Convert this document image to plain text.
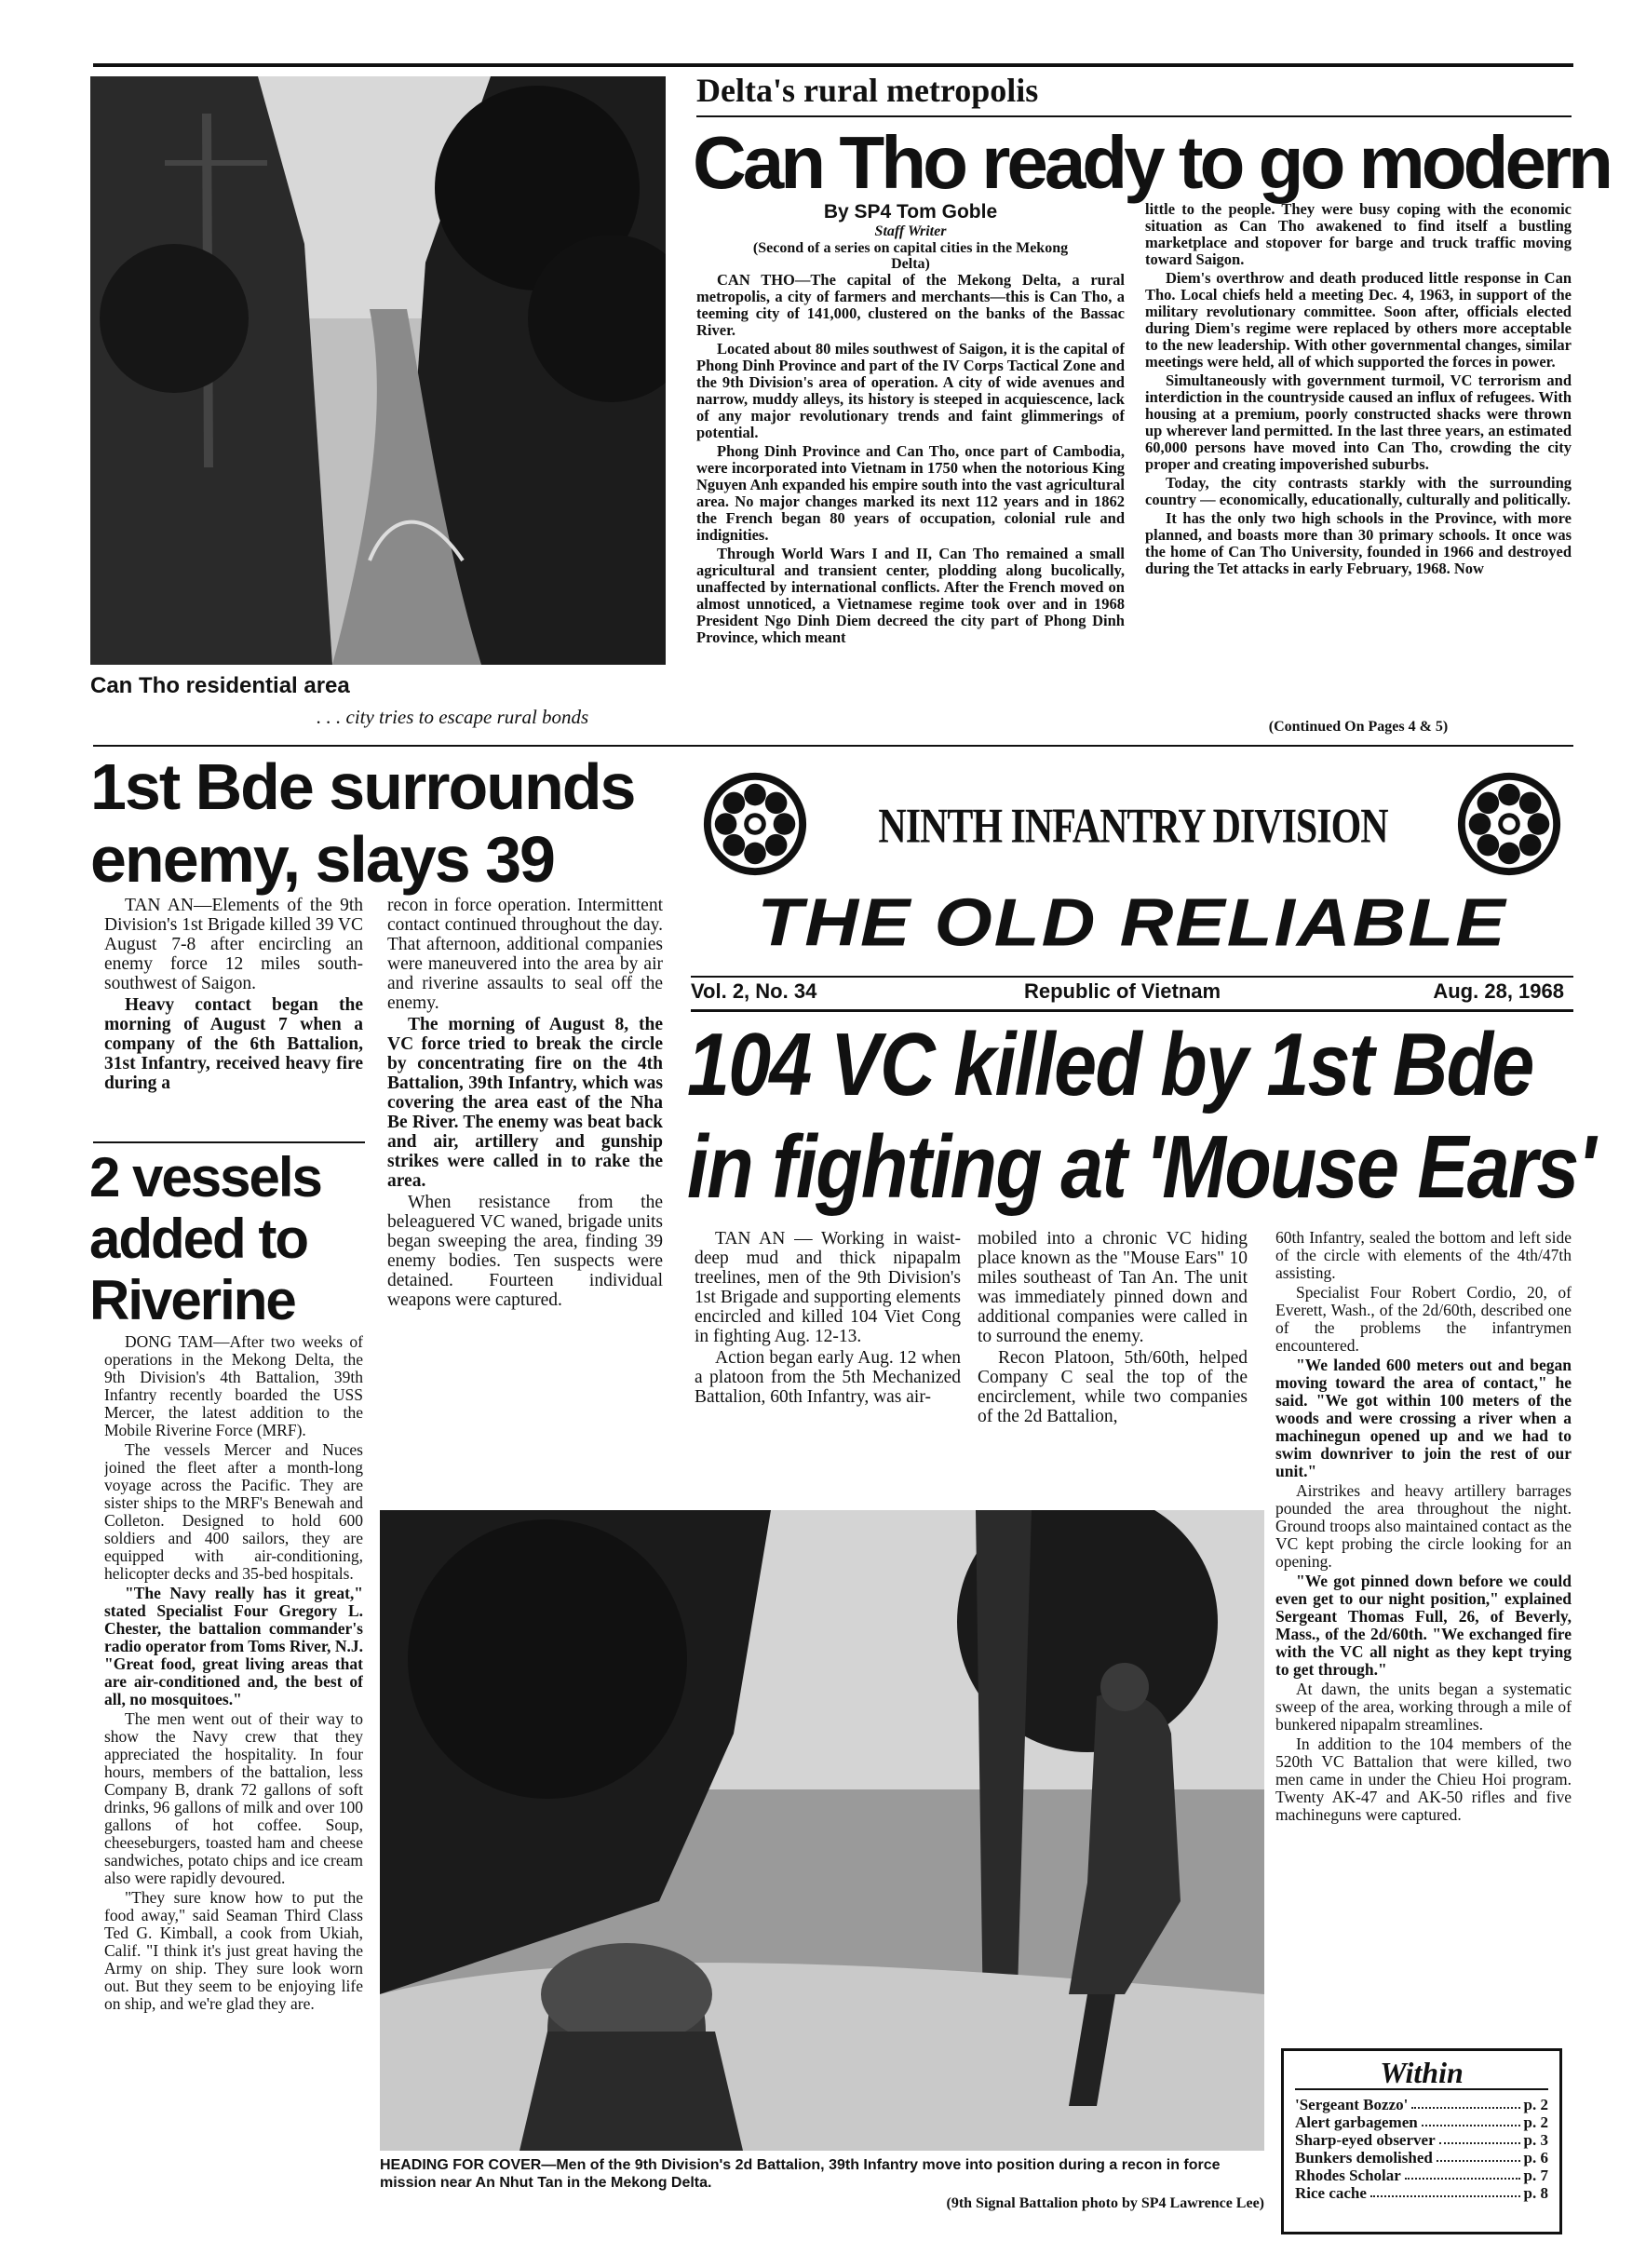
Can Tho residential area
. . . city tries to escape rural bonds
Delta's rural metropolis
Can Tho ready to go modern
By SP4 Tom Goble
Staff Writer
(Second of a series on capital cities in the Mekong Delta)

CAN THO—The capital of the Mekong Delta, a rural metropolis, a city of farmers and merchants—this is Can Tho, a teeming city of 141,000, clustered on the banks of the Bassac River.

Located about 80 miles southwest of Saigon, it is the capital of Phong Dinh Province and part of the IV Corps Tactical Zone and the 9th Division's area of operation. A city of wide avenues and narrow, muddy alleys, its history is steeped in acquiescence, lack of any major revolutionary trends and faint glimmerings of potential.

Phong Dinh Province and Can Tho, once part of Cambodia, were incorporated into Vietnam in 1750 when the notorious King Nguyen Anh expanded his empire south into the vast agricultural area. No major changes marked its next 112 years and in 1862 the French began 80 years of occupation, colonial rule and indignities.

Through World Wars I and II, Can Tho remained a small agricultural and transient center, plodding along bucolically, unaffected by international conflicts. After the French moved on almost unnoticed, a Vietnamese regime took over and in 1968 President Ngo Dinh Diem decreed the city part of Phong Dinh Province, which meant

little to the people. They were busy coping with the economic situation as Can Tho awakened to find itself a bustling marketplace and stopover for barge and truck traffic moving toward Saigon.

Diem's overthrow and death produced little response in Can Tho. Local chiefs held a meeting Dec. 4, 1963, in support of the military revolutionary committee. Soon after, officials elected during Diem's regime were replaced by others more acceptable to the new leadership. With other governmental changes, similar meetings were held, all of which supported the forces in power.

Simultaneously with government turmoil, VC terrorism and interdiction in the countryside caused an influx of refugees. With housing at a premium, poorly constructed shacks were thrown up wherever land permitted. In the last three years, an estimated 60,000 persons have moved into Can Tho, crowding the city proper and creating impoverished suburbs.

Today, the city contrasts starkly with the surrounding country — economically, educationally, culturally and politically.

It has the only two high schools in the Province, with more planned, and boasts more than 30 primary schools. It once was the home of Can Tho University, founded in 1966 and destroyed during the Tet attacks in early February, 1968. Now

(Continued On Pages 4 & 5)
1st Bde surrounds enemy, slays 39

TAN AN—Elements of the 9th Division's 1st Brigade killed 39 VC August 7-8 after encircling an enemy force 12 miles south-southwest of Saigon.

Heavy contact began the morning of August 7 when a company of the 6th Battalion, 31st Infantry, received heavy fire during a

recon in force operation. Intermittent contact continued throughout the day. That afternoon, additional companies were maneuvered into the area by air and riverine assaults to seal off the enemy.

The morning of August 8, the VC force tried to break the circle by concentrating fire on the 4th Battalion, 39th Infantry, which was covering the area east of the Nha Be River. The enemy was beat back and air, artillery and gunship strikes were called in to rake the area.

When resistance from the beleaguered VC waned, brigade units began sweeping the area, finding 39 enemy bodies. Ten suspects were detained. Fourteen individual weapons were captured.

2 vessels added to Riverine

DONG TAM—After two weeks of operations in the Mekong Delta, the 9th Division's 4th Battalion, 39th Infantry recently boarded the USS Mercer, the latest addition to the Mobile Riverine Force (MRF).

The vessels Mercer and Nuces joined the fleet after a month-long voyage across the Pacific. They are sister ships to the MRF's Benewah and Colleton. Designed to hold 600 soldiers and 400 sailors, they are equipped with air-conditioning, helicopter decks and 35-bed hospitals.

"The Navy really has it great," stated Specialist Four Gregory L. Chester, the battalion commander's radio operator from Toms River, N.J. "Great food, great living areas that are air-conditioned and, the best of all, no mosquitoes."

The men went out of their way to show the Navy crew that they appreciated the hospitality. In four hours, members of the battalion, less Company B, drank 72 gallons of soft drinks, 96 gallons of milk and over 100 gallons of hot coffee. Soup, cheeseburgers, toasted ham and cheese sandwiches, potato chips and ice cream also were rapidly devoured.

"They sure know how to put the food away," said Seaman Third Class Ted G. Kimball, a cook from Ukiah, Calif. "I think it's just great having the Army on ship. They sure look worn out. But they seem to be enjoying life on ship, and we're glad they are.

NINTH INFANTRY DIVISION
THE OLD RELIABLE
Vol. 2, No. 34	Republic of Vietnam	Aug. 28, 1968
104 VC killed by 1st Bde
in fighting at 'Mouse Ears'

TAN AN — Working in waist-deep mud and thick nipapalm treelines, men of the 9th Division's 1st Brigade and supporting elements encircled and killed 104 Viet Cong in fighting Aug. 12-13.

Action began early Aug. 12 when a platoon from the 5th Mechanized Battalion, 60th Infantry, was air-

mobiled into a chronic VC hiding place known as the "Mouse Ears" 10 miles southeast of Tan An. The unit was immediately pinned down and additional companies were called in to surround the enemy.

Recon Platoon, 5th/60th, helped Company C seal the top of the encirclement, while two companies of the 2d Battalion,

60th Infantry, sealed the bottom and left side of the circle with elements of the 4th/47th assisting.

Specialist Four Robert Cordio, 20, of Everett, Wash., of the 2d/60th, described one of the problems the infantrymen encountered.

"We landed 600 meters out and began moving toward the area of contact," he said. "We got within 100 meters of the woods and were crossing a river when a machinegun opened up and we had to swim downriver to join the rest of our unit."

Airstrikes and heavy artillery barrages pounded the area throughout the night. Ground troops also maintained contact as the VC kept probing the circle looking for an opening.

"We got pinned down before we could even get to our night position," explained Sergeant Thomas Full, 26, of Beverly, Mass., of the 2d/60th. "We exchanged fire with the VC all night as they kept trying to get through."

At dawn, the units began a systematic sweep of the area, working through a mile of bunkered nipapalm streamlines.

In addition to the 104 members of the 520th VC Battalion that were killed, two men came in under the Chieu Hoi program. Twenty AK-47 and AK-50 rifles and five machineguns were captured.

HEADING FOR COVER—Men of the 9th Division's 2d Battalion, 39th Infantry move into position during a recon in force mission near An Nhut Tan in the Mekong Delta.
(9th Signal Battalion photo by SP4 Lawrence Lee)
Within
'Sergeant Bozzo'	p. 2
Alert garbagemen	p. 2
Sharp-eyed observer	p. 3
Bunkers demolished	p. 6
Rhodes Scholar	p. 7
Rice cache	p. 8
